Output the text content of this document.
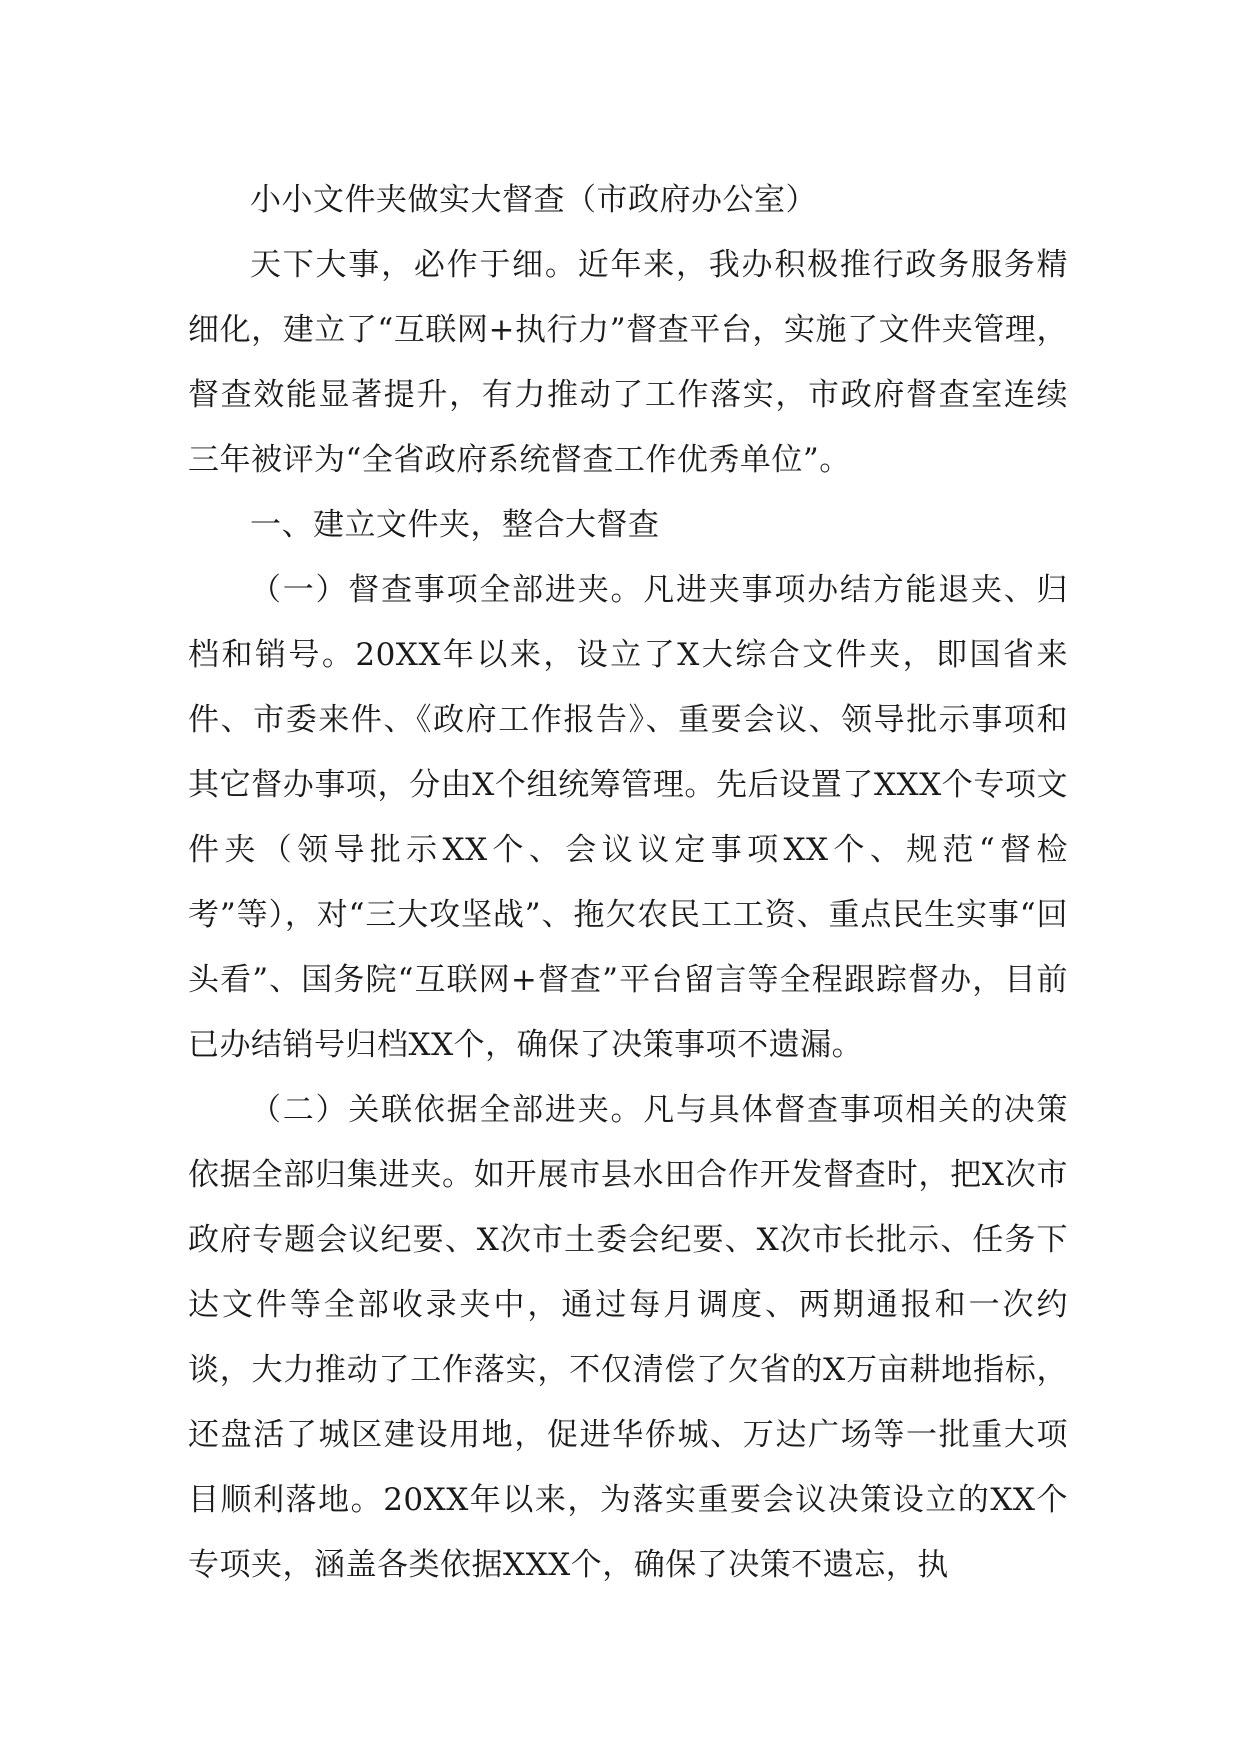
小小文件夹做实大督查（市政府办公室）

天下大事，必作于细。近年来，我办积极推行政务服务精细化，建立了“互联网+执行力”督查平台，实施了文件夹管理，督查效能显著提升，有力推动了工作落实，市政府督查室连续三年被评为“全省政府系统督查工作优秀单位”。

一、建立文件夹，整合大督查

（一）督查事项全部进夹。凡进夹事项办结方能退夹、归档和销号。20XX年以来，设立了X大综合文件夹，即国省来件、市委来件、《政府工作报告》、重要会议、领导批示事项和其它督办事项，分由X个组统筹管理。先后设置了XXX个专项文件夹（领导批示XX个、会议议定事项XX个、规范“督检考”等），对“三大攻坚战”、拖欠农民工工资、重点民生实事“回头看”、国务院“互联网+督查”平台留言等全程跟踪督办，目前已办结销号归档XX个，确保了决策事项不遗漏。

（二）关联依据全部进夹。凡与具体督查事项相关的决策依据全部归集进夹。如开展市县水田合作开发督查时，把X次市政府专题会议纪要、X次市土委会纪要、X次市长批示、任务下达文件等全部收录夹中，通过每月调度、两期通报和一次约谈，大力推动了工作落实，不仅清偿了欠省的X万亩耕地指标，还盘活了城区建设用地，促进华侨城、万达广场等一批重大项目顺利落地。20XX年以来，为落实重要会议决策设立的XX个专项夹，涵盖各类依据XXX个，确保了决策不遗忘，执
